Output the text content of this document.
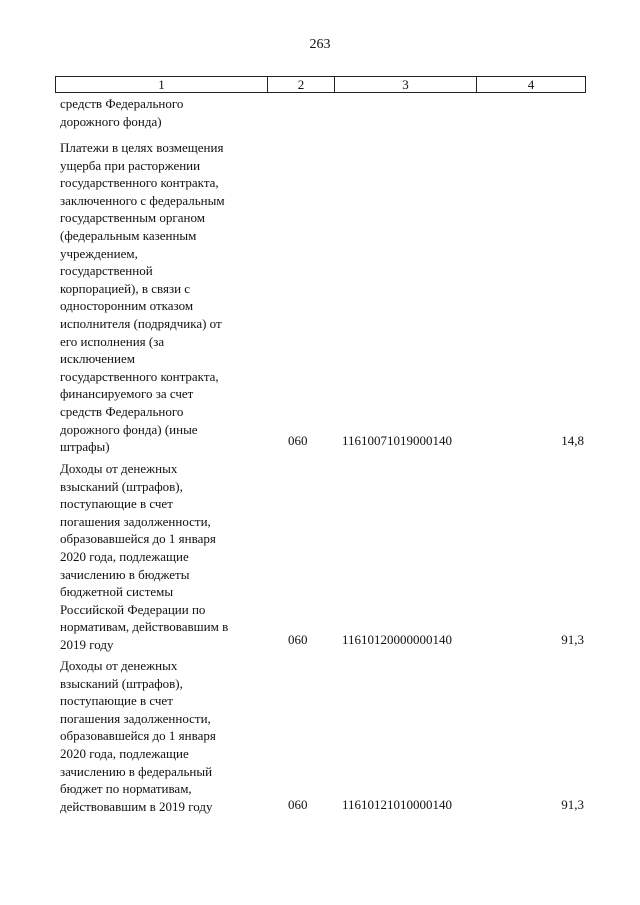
263
1	2	3	4
средств Федерального
дорожного фонда)
Платежи в целях возмещения
ущерба при расторжении
государственного контракта,
заключенного с федеральным
государственным органом
(федеральным казенным
учреждением,
государственной
корпорацией), в связи с
односторонним отказом
исполнителя (подрядчика) от
его исполнения (за
исключением
государственного контракта,
финансируемого за счет
средств Федерального
дорожного фонда) (иные
штрафы)	060	11610071019000140	14,8
Доходы от денежных
взысканий (штрафов),
поступающие в счет
погашения задолженности,
образовавшейся до 1 января
2020 года, подлежащие
зачислению в бюджеты
бюджетной системы
Российской Федерации по
нормативам, действовавшим в
2019 году	060	11610120000000140	91,3
Доходы от денежных
взысканий (штрафов),
поступающие в счет
погашения задолженности,
образовавшейся до 1 января
2020 года, подлежащие
зачислению в федеральный
бюджет по нормативам,
действовавшим в 2019 году	060	11610121010000140	91,3
